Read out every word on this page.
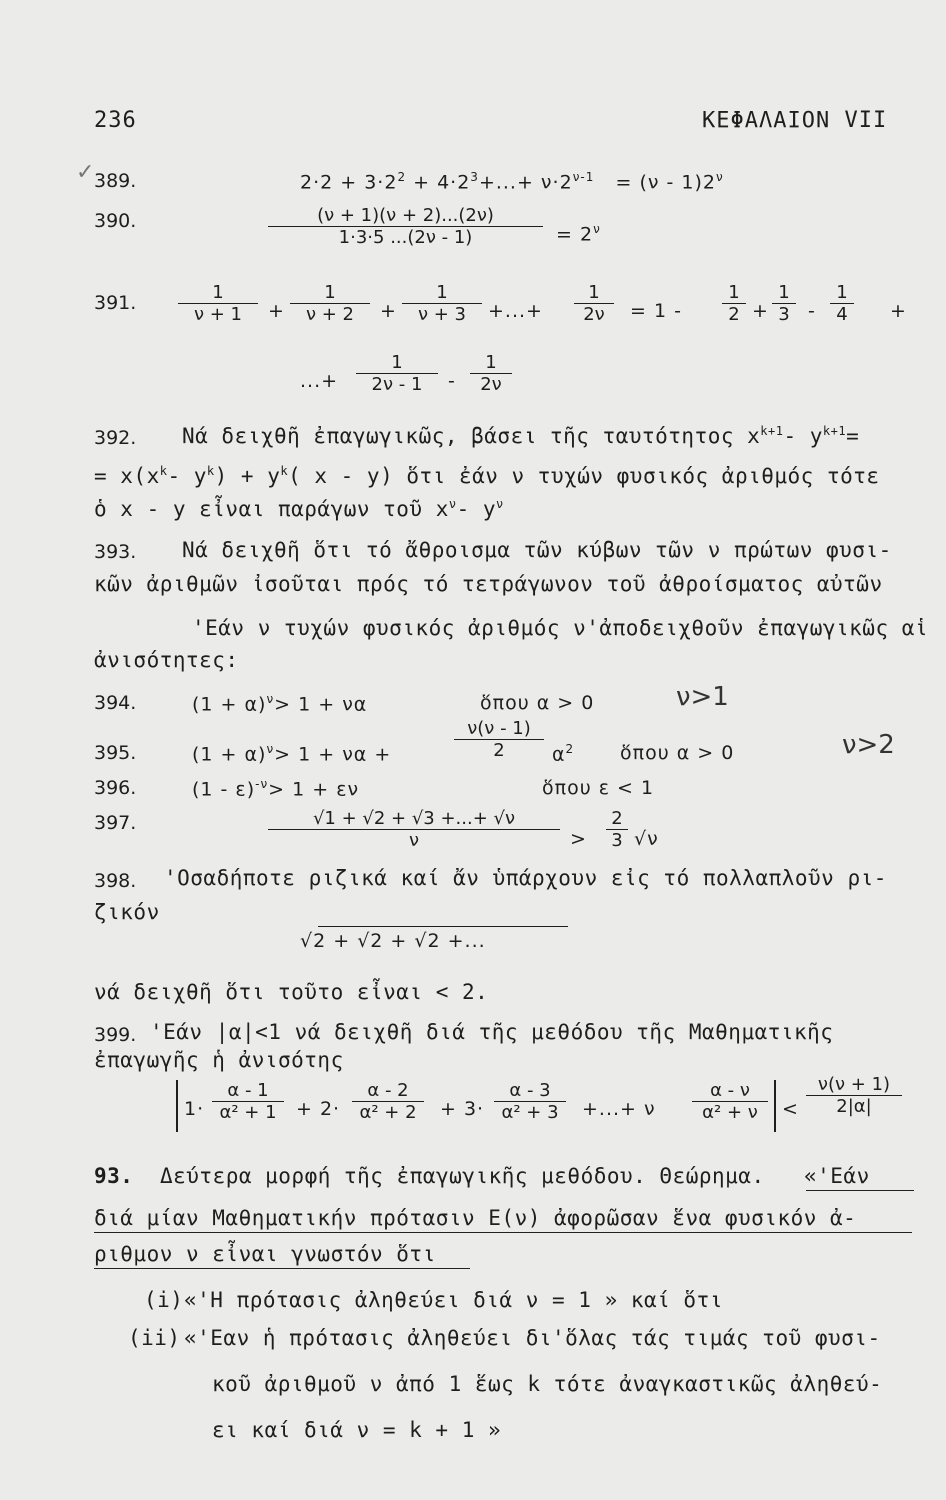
236	ΚΕΦΑΛΑΙΟΝ VII
✓ 389.	$2\cdot 2 + 3\cdot 2^2 + 4\cdot 2^3+...+ \nu\cdot 2^{\nu-1} = (\nu - 1)2^\nu$
390.	$\frac{(\nu + 1)(\nu + 2)...(2\nu)}{1\cdot 3\cdot 5 ...(2\nu - 1)} = 2^\nu$
391. $\frac{1}{\nu + 1} + \frac{1}{\nu + 2} + \frac{1}{\nu + 3}$ +...+ $\frac{1}{2\nu} = 1 - \frac{1}{2} + \frac{1}{3} - \frac{1}{4}$ +
...+ $\frac{1}{2\nu - 1} - \frac{1}{2\nu}$
392. Νά δειχθῆ ἐπαγωγικῶς, βάσει τῆς ταυτότητος $x^{k+1}-$ $y^{k+1}=$
= $x(x^k-$ $y^k) + y^k$( x - y) ὅτι ἐάν ν τυχών φυσικός ἀριθμός τότε
ὁ x - y εἶναι παράγων τοῦ $x^\nu-$ $y^\nu$
393. Νά δειχθῆ ὅτι τό ἄθροισμα τῶν κύβων τῶν ν πρώτων φυσι-
κῶν ἀριθμῶν ἰσοῦται πρός τό τετράγωνον τοῦ ἀθροίσματος αὐτῶν
'Εάν ν τυχών φυσικός ἀριθμός ν'ἀποδειχθοῦν ἐπαγωγικῶς αἱ
ἀνισότητες:
394.	$(1 + \alpha)^\nu> 1 + \nu\alpha$	ὅπου α > 0	ν>1
395.	$(1 + \alpha)^\nu> 1 + \nu\alpha$ +	$\frac{\nu(\nu - 1)}{2} \alpha^2$ ὅπου α > 0	ν>2
396.	(1 - ε)$^{-\nu}$> 1 + εν	ὅπου ε < 1
397.	$\frac{√1 + √2 + √3 +...+ √\nu}{\nu} > \frac{2}{3} √\nu$
398. 'Οσαδήποτε ριζικά καί ἄν ὑπάρχουν εἰς τό πολλαπλοῦν ρι-
ζικόν
√2 + √2 + √2 +...
νά δειχθῆ ὅτι τοῦτο εἶναι < 2.
399. 'Εάν |α|<1 νά δειχθῆ διά τῆς μεθόδου τῆς Μαθηματικῆς
ἐπαγωγῆς ἡ ἀνισότης
$1\cdot \frac{\alpha - 1}{\text{α² + 1}} + 2\cdot \frac{\alpha - 2}{\text{α² + 2}} + 3\cdot \frac{\alpha - 3}{\text{α² + 3}}$ +...+ ν $\frac{\alpha - \nu}{\text{α² + ν}} < \frac{\nu(\nu + 1)}{2|\alpha|}$
93. Δεύτερα μορφή τῆς ἐπαγωγικῆς μεθόδου. Θεώρημα. «'Εάν
διά μίαν Μαθηματικήν πρότασιν Ε(ν) ἀφορῶσαν ἕνα φυσικόν ἀ-
ριθμον ν εἶναι γνωστόν ὅτι
(i) «'Η πρότασις ἀληθεύει διά ν = 1 » καί ὅτι
(ii) «'Εαν ἡ πρότασις ἀληθεύει δι'ὅλας τάς τιμάς τοῦ φυσι-
κοῦ ἀριθμοῦ ν ἀπό 1 ἕως k τότε ἀναγκαστικῶς ἀληθεύ-
ει καί διά ν = k + 1 »
